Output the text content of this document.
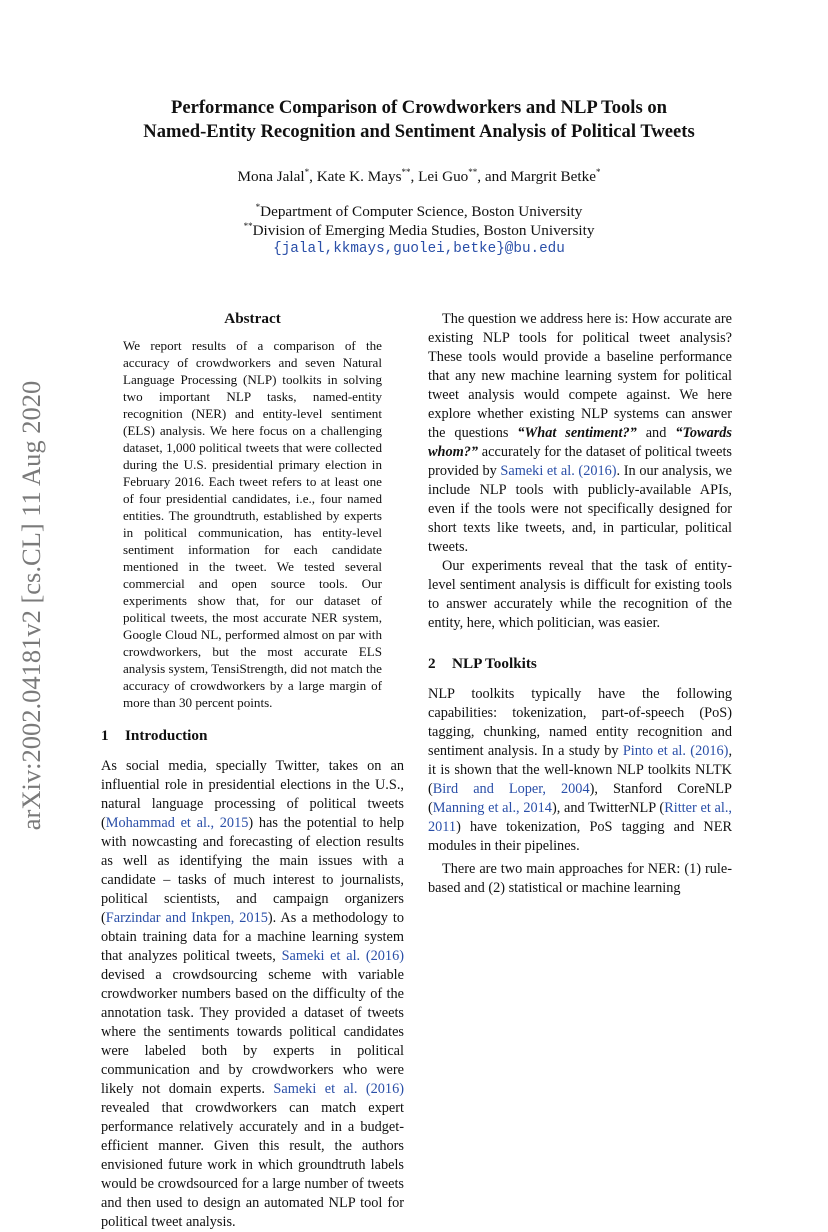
arXiv:2002.04181v2 [cs.CL] 11 Aug 2020
Performance Comparison of Crowdworkers and NLP Tools on
Named-Entity Recognition and Sentiment Analysis of Political Tweets
Mona Jalal*, Kate K. Mays**, Lei Guo**, and Margrit Betke*
*Department of Computer Science, Boston University
**Division of Emerging Media Studies, Boston University
{jalal,kkmays,guolei,betke}@bu.edu
Abstract

We report results of a comparison of the accuracy of crowdworkers and seven Natural Language Processing (NLP) toolkits in solving two important NLP tasks, named-entity recognition (NER) and entity-level sentiment (ELS) analysis. We here focus on a challenging dataset, 1,000 political tweets that were collected during the U.S. presidential primary election in February 2016. Each tweet refers to at least one of four presidential candidates, i.e., four named entities. The groundtruth, established by experts in political communication, has entity-level sentiment information for each candidate mentioned in the tweet. We tested several commercial and open source tools. Our experiments show that, for our dataset of political tweets, the most accurate NER system, Google Cloud NL, performed almost on par with crowdworkers, but the most accurate ELS analysis system, TensiStrength, did not match the accuracy of crowdworkers by a large margin of more than 30 percent points.

1 Introduction

As social media, specially Twitter, takes on an influential role in presidential elections in the U.S., natural language processing of political tweets (Mohammad et al., 2015) has the potential to help with nowcasting and forecasting of election results as well as identifying the main issues with a candidate – tasks of much interest to journalists, political scientists, and campaign organizers (Farzindar and Inkpen, 2015). As a methodology to obtain training data for a machine learning system that analyzes political tweets, Sameki et al. (2016) devised a crowdsourcing scheme with variable crowdworker numbers based on the difficulty of the annotation task. They provided a dataset of tweets where the sentiments towards political candidates were labeled both by experts in political communication and by crowdworkers who were likely not domain experts. Sameki et al. (2016) revealed that crowdworkers can match expert performance relatively accurately and in a budget-efficient manner. Given this result, the authors envisioned future work in which groundtruth labels would be crowdsourced for a large number of tweets and then used to design an automated NLP tool for political tweet analysis.

The question we address here is: How accurate are existing NLP tools for political tweet analysis? These tools would provide a baseline performance that any new machine learning system for political tweet analysis would compete against. We here explore whether existing NLP systems can answer the questions “What sentiment?” and “Towards whom?” accurately for the dataset of political tweets provided by Sameki et al. (2016). In our analysis, we include NLP tools with publicly-available APIs, even if the tools were not specifically designed for short texts like tweets, and, in particular, political tweets.

Our experiments reveal that the task of entity-level sentiment analysis is difficult for existing tools to answer accurately while the recognition of the entity, here, which politician, was easier.

2 NLP Toolkits

NLP toolkits typically have the following capabilities: tokenization, part-of-speech (PoS) tagging, chunking, named entity recognition and sentiment analysis. In a study by Pinto et al. (2016), it is shown that the well-known NLP toolkits NLTK (Bird and Loper, 2004), Stanford CoreNLP (Manning et al., 2014), and TwitterNLP (Ritter et al., 2011) have tokenization, PoS tagging and NER modules in their pipelines.

There are two main approaches for NER: (1) rule-based and (2) statistical or machine learning
